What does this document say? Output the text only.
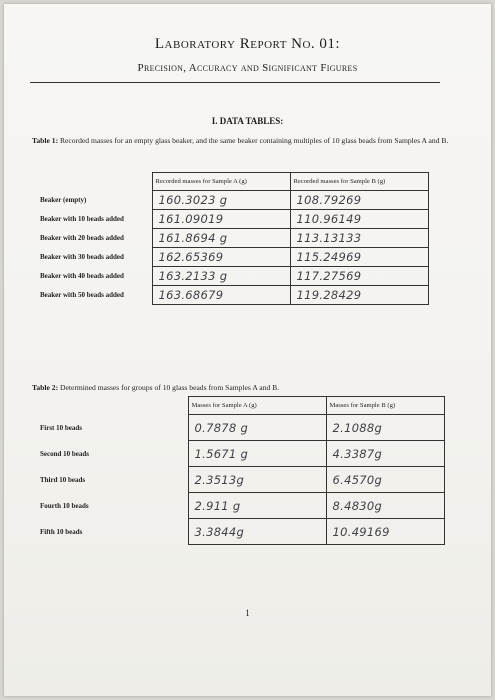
Laboratory Report No. 01:
Precision, Accuracy and Significant Figures
I. DATA TABLES:
Table 1: Recorded masses for an empty glass beaker, and the same beaker containing multiples of 10 glass beads from Samples A and B.
	Recorded masses for Sample A (g)	Recorded masses for Sample B (g)
Beaker (empty)	160.3023 g	108.79269
Beaker with 10 beads added	161.09019	110.96149
Beaker with 20 beads added	161.8694 g	113.13133
Beaker with 30 beads added	162.65369	115.24969
Beaker with 40 beads added	163.2133 g	117.27569
Beaker with 50 beads added	163.68679	119.28429
Table 2: Determined masses for groups of 10 glass beads from Samples A and B.
	Masses for Sample A (g)	Masses for Sample B (g)
First 10 beads	0.7878 g	2.1088g
Second 10 beads	1.5671 g	4.3387g
Third 10 beads	2.3513g	6.4570g
Fourth 10 beads	2.911 g	8.4830g
Fifth 10 beads	3.3844g	10.49169
1
